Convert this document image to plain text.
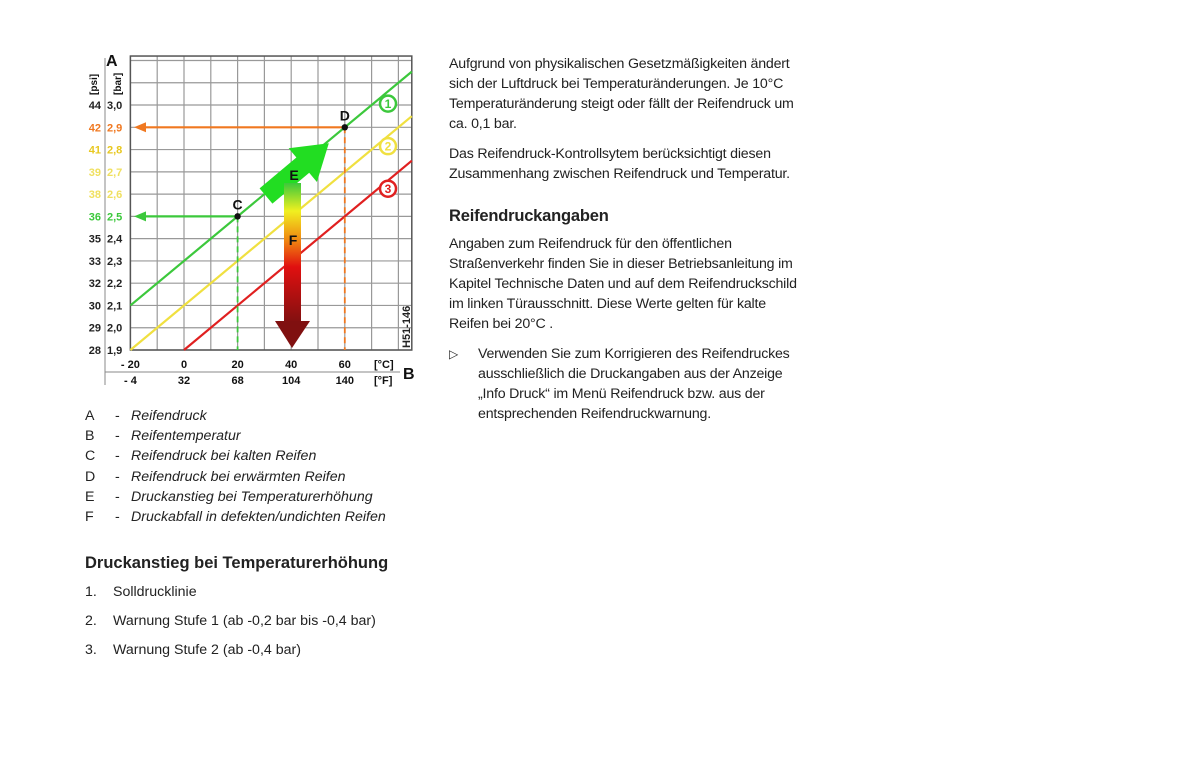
28 1,9
29 2,0
30 2,1
32 2,2
33 2,3
35 2,4
36 2,5
38 2,6
39 2,7
41 2,8
42 2,9
44 3,0
- 20
- 4
0
32
20
68
40
104
60
140
1
2
3
C
D
E
F
A
B
[psi] [bar]
[°C]
[°F]
H51-146

Aufgrund von physikalischen Gesetzmäßigkeiten ändert sich der Luftdruck bei Temperaturänderungen. Je 10°C Temperaturänderung steigt oder fällt der Reifendruck um ca. 0,1 bar.

Das Reifendruck-Kontrollsytem berücksichtigt diesen Zusammenhang zwischen Reifendruck und Temperatur.

Reifendruckangaben

Angaben zum Reifendruck für den öffentlichen Straßenverkehr finden Sie in dieser Betriebsanleitung im Kapitel Technische Daten und auf dem Reifendruckschild im linken Türausschnitt. Diese Werte gelten für kalte Reifen bei 20°C .

▷	Verwenden Sie zum Korrigieren des Reifendruckes ausschließlich die Druckangaben aus der Anzeige „Info Druck“ im Menü Reifendruck bzw. aus der entsprechenden Reifendruckwarnung.
A	- Reifendruck
B	- Reifentemperatur
C	- Reifendruck bei kalten Reifen
D	- Reifendruck bei erwärmten Reifen
E	- Druckanstieg bei Temperaturerhöhung
F	- Druckabfall in defekten/undichten Reifen
Druckanstieg bei Temperaturerhöhung
1.	Solldrucklinie
2.	Warnung Stufe 1 (ab -0,2 bar bis -0,4 bar)
3.	Warnung Stufe 2 (ab -0,4 bar)
